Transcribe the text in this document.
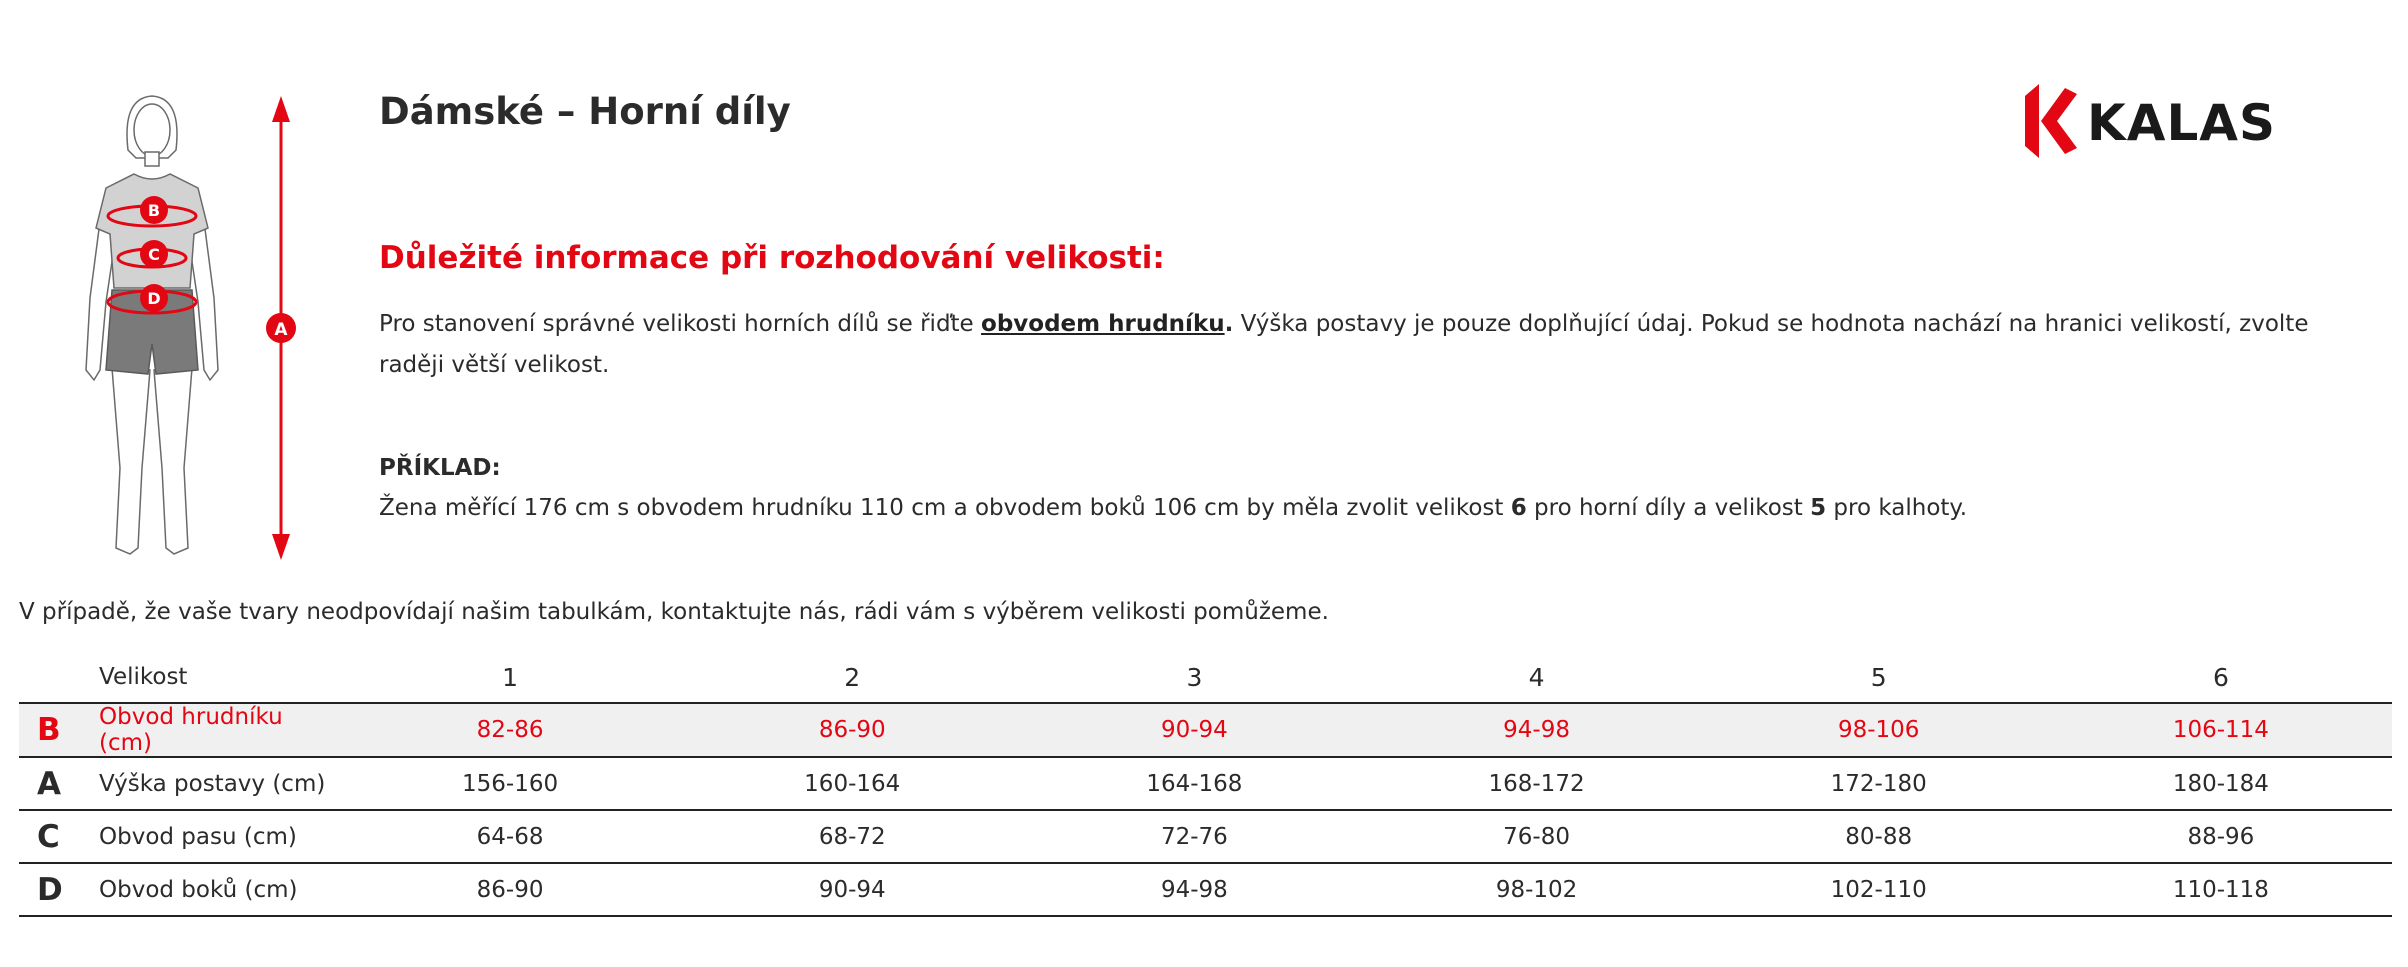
B
C
D
A
Dámské – Horní díly	KALAS
Důležité informace při rozhodování velikosti:

Pro stanovení správné velikosti horních dílů se řiďte obvodem hrudníku. Výška postavy je pouze doplňující údaj. Pokud se hodnota nachází na hranici velikostí, zvolte raději větší velikost.

PŘÍKLAD:

Žena měřící 176 cm s obvodem hrudníku 110 cm a obvodem boků 106 cm by měla zvolit velikost 6 pro horní díly a velikost 5 pro kalhoty.

V případě, že vaše tvary neodpovídají našim tabulkám, kontaktujte nás, rádi vám s výběrem velikosti pomůžeme.

	Velikost	1	2	3	4	5	6
B	Obvod hrudníku (cm)	82-86	86-90	90-94	94-98	98-106	106-114
A	Výška postavy (cm)	156-160	160-164	164-168	168-172	172-180	180-184
C	Obvod pasu (cm)	64-68	68-72	72-76	76-80	80-88	88-96
D	Obvod boků (cm)	86-90	90-94	94-98	98-102	102-110	110-118
